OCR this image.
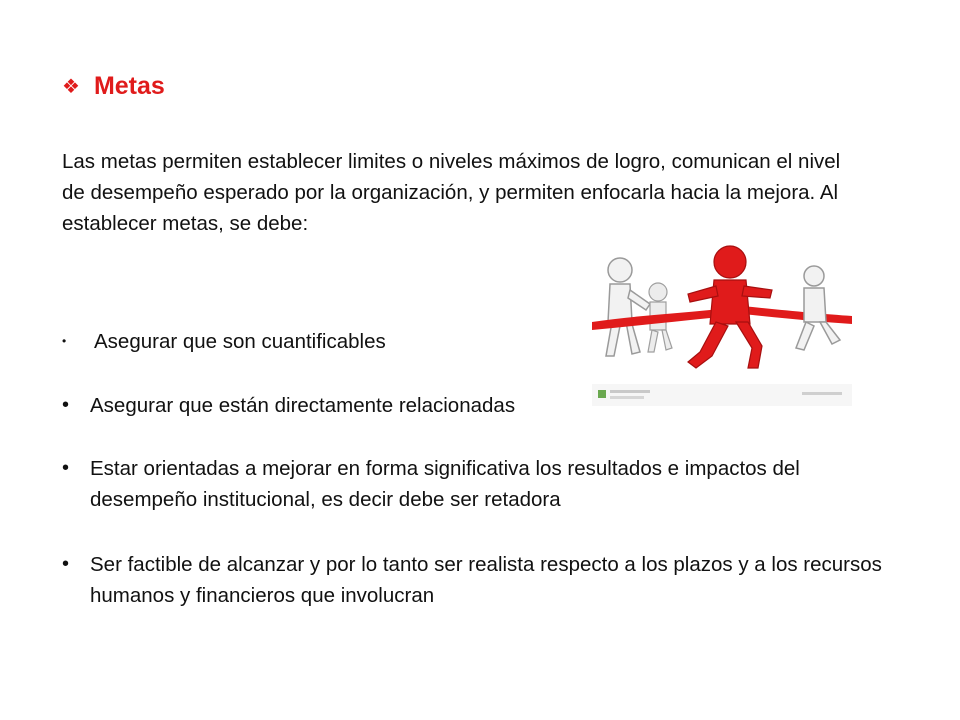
❖ Metas

Las metas permiten establecer limites o niveles máximos de logro, comunican el nivel de desempeño esperado por la organización, y permiten enfocarla hacia la mejora. Al establecer metas, se debe:

•	Asegurar que son cuantificables
•	Asegurar que están directamente relacionadas
•	Estar orientadas a mejorar en forma significativa los resultados e impactos del desempeño institucional, es decir debe ser retadora
•	Ser factible de alcanzar y por lo tanto ser realista respecto a los plazos y a los recursos humanos y financieros que involucran
